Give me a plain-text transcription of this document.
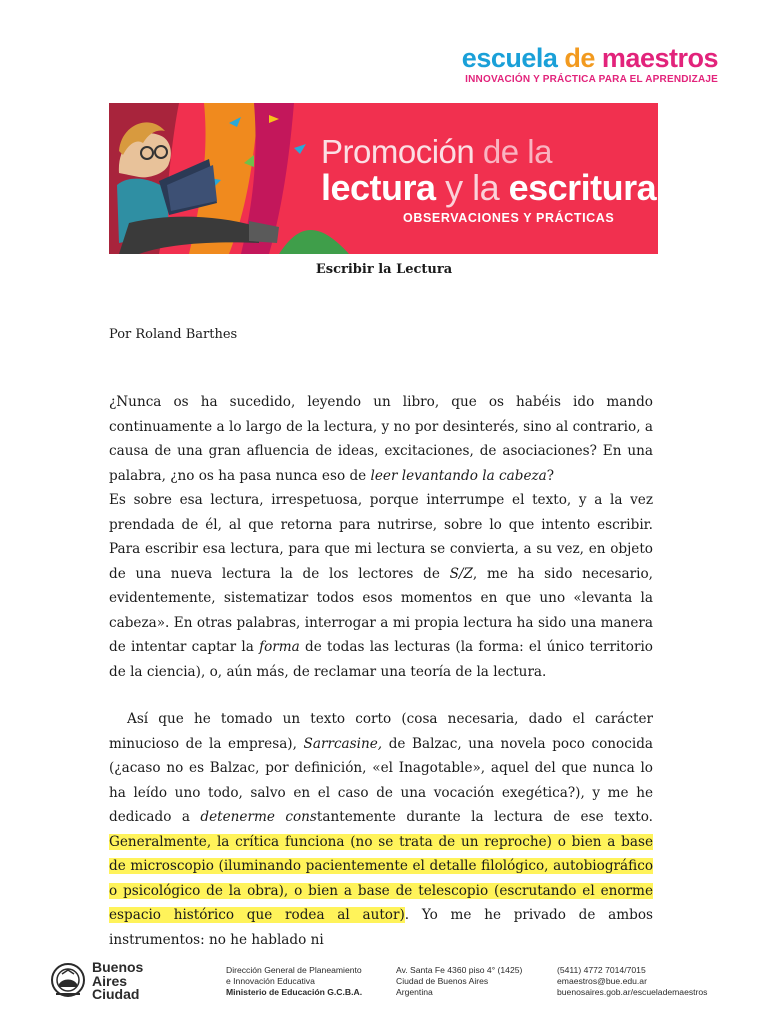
escuela de maestros
INNOVACIÓN Y PRÁCTICA PARA EL APRENDIZAJE
Promoción de la
lectura y la escritura
OBSERVACIONES Y PRÁCTICAS
Escribir la Lectura
Por Roland Barthes

¿Nunca os ha sucedido, leyendo un libro, que os habéis ido mando continuamente a lo largo de la lectura, y no por desinterés, sino al contrario, a causa de una gran afluencia de ideas, excitaciones, de asociaciones? En una palabra, ¿no os ha pasa nunca eso de leer levantando la cabeza?

Es sobre esa lectura, irrespetuosa, porque interrumpe el texto, y a la vez prendada de él, al que retorna para nutrirse, sobre lo que intento escribir. Para escribir esa lectura, para que mi lectura se convierta, a su vez, en objeto de una nueva lectura la de los lectores de S/Z, me ha sido necesario, evidentemente, sistematizar todos esos momentos en que uno «levanta la cabeza». En otras palabras, interrogar a mi propia lectura ha sido una manera de intentar captar la forma de todas las lecturas (la forma: el único territorio de la ciencia), o, aún más, de reclamar una teoría de la lectura.

Así que he tomado un texto corto (cosa necesaria, dado el carácter minucioso de la empresa), Sarrcasine, de Balzac, una novela poco conocida (¿acaso no es Balzac, por definición, «el Inagotable», aquel del que nunca lo ha leído uno todo, salvo en el caso de una vocación exegética?), y me he dedicado a detenerme constantemente durante la lectura de ese texto. Generalmente, la crítica funciona (no se trata de un reproche) o bien a base de microscopio (iluminando pacientemente el detalle filológico, autobiográfico o psicológico de la obra), o bien a base de telescopio (escrutando el enorme espacio histórico que rodea al autor). Yo me he privado de ambos instrumentos: no he hablado ni

Buenos
Aires
Ciudad
Dirección General de Planeamiento
e Innovación Educativa
Ministerio de Educación G.C.B.A.
Av. Santa Fe 4360 piso 4° (1425)
Ciudad de Buenos Aires
Argentina
(5411) 4772 7014/7015
emaestros@bue.edu.ar
buenosaires.gob.ar/escuelademaestros
